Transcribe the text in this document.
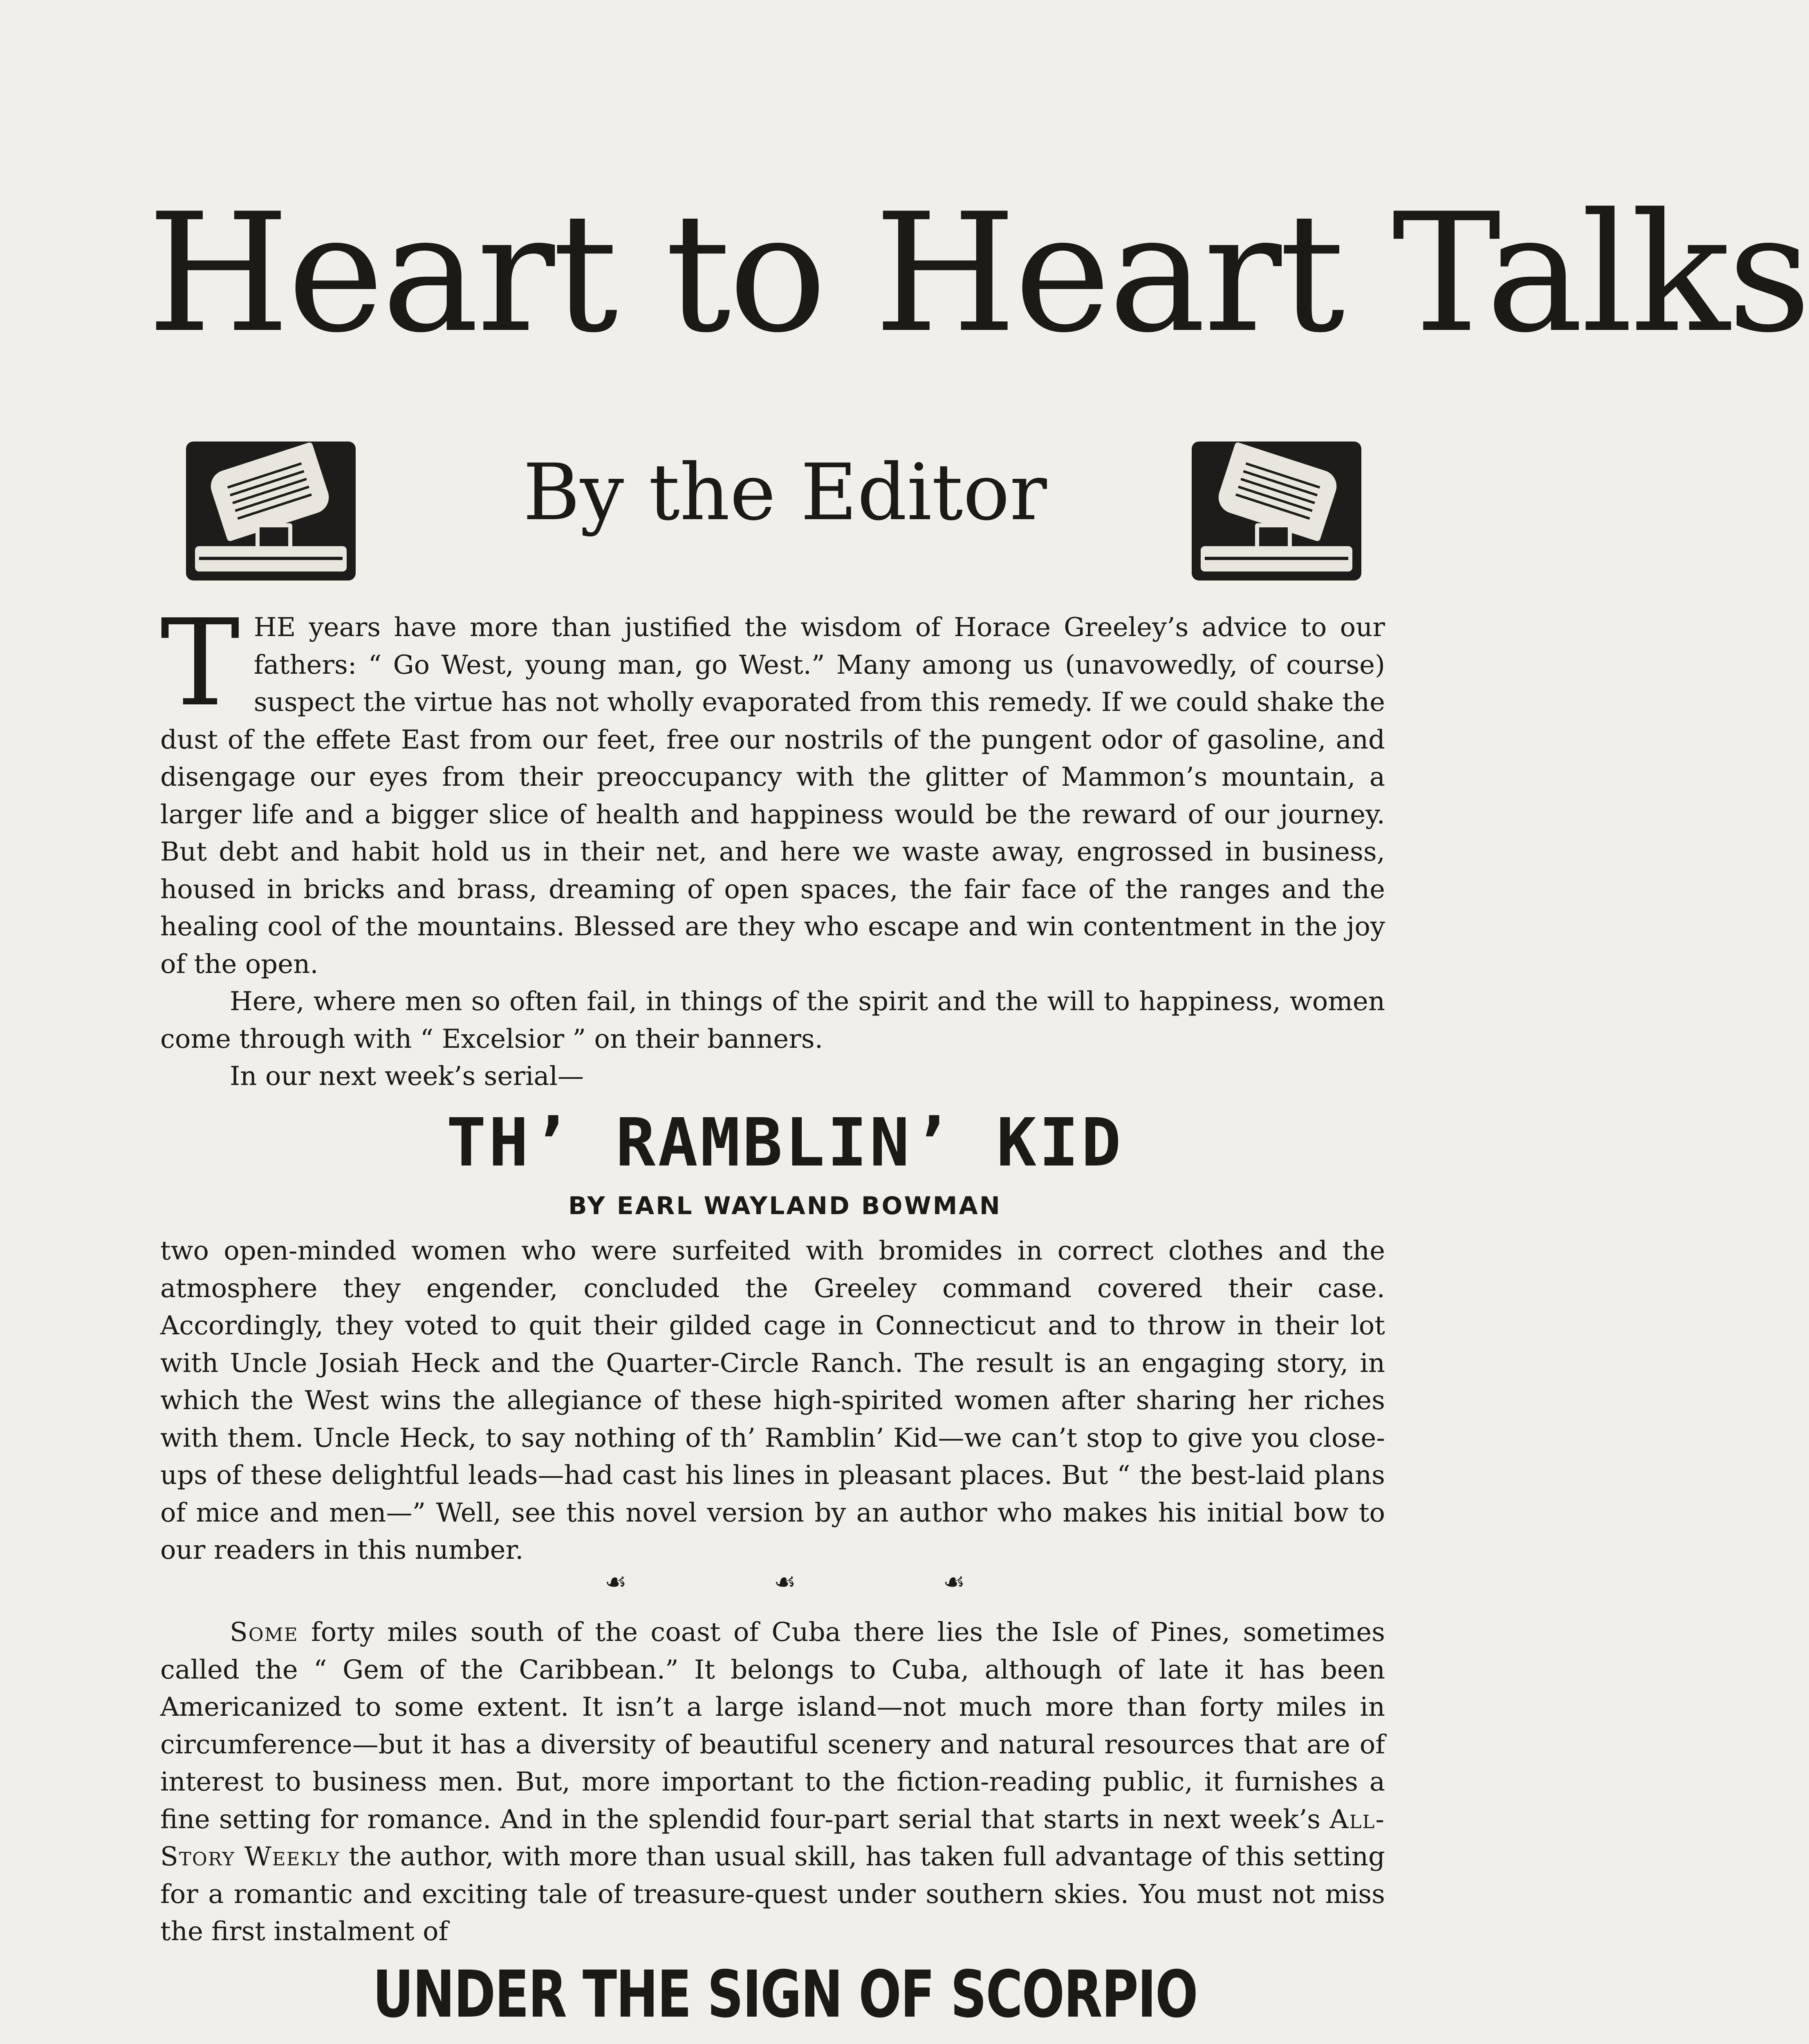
Heart to Heart Talks
By the Editor

THE years have more than justified the wisdom of Horace Greeley’s advice to our fathers: “ Go West, young man, go West.” Many among us (unavowedly, of course) suspect the virtue has not wholly evaporated from this remedy. If we could shake the dust of the effete East from our feet, free our nostrils of the pungent odor of gasoline, and disengage our eyes from their preoccupancy with the glitter of Mammon’s mountain, a larger life and a bigger slice of health and happiness would be the reward of our journey. But debt and habit hold us in their net, and here we waste away, engrossed in business, housed in bricks and brass, dreaming of open spaces, the fair face of the ranges and the healing cool of the mountains. Blessed are they who escape and win contentment in the joy of the open.

Here, where men so often fail, in things of the spirit and the will to happiness, women come through with “ Excelsior ” on their banners.

In our next week’s serial—

TH’ RAMBLIN’ KID
BY EARL WAYLAND BOWMAN

two open-minded women who were surfeited with bromides in correct clothes and the atmosphere they engender, concluded the Greeley command covered their case. Accordingly, they voted to quit their gilded cage in Connecticut and to throw in their lot with Uncle Josiah Heck and the Quarter-Circle Ranch. The result is an engaging story, in which the West wins the allegiance of these high-spirited women after sharing her riches with them. Uncle Heck, to say nothing of th’ Ramblin’ Kid—we can’t stop to give you close-ups of these delightful leads—had cast his lines in pleasant places. But “ the best-laid plans of mice and men—” Well, see this novel version by an author who makes his initial bow to our readers in this number.

☙	☙	☙

Some forty miles south of the coast of Cuba there lies the Isle of Pines, sometimes called the “ Gem of the Caribbean.” It belongs to Cuba, although of late it has been Americanized to some extent. It isn’t a large island—not much more than forty miles in circumference—but it has a diversity of beautiful scenery and natural resources that are of interest to business men. But, more important to the fiction-reading public, it furnishes a fine setting for romance. And in the splendid four-part serial that starts in next week’s All-Story Weekly the author, with more than usual skill, has taken full advantage of this setting for a romantic and exciting tale of treasure-quest under southern skies. You must not miss the first instalment of

UNDER THE SIGN OF SCORPIO
